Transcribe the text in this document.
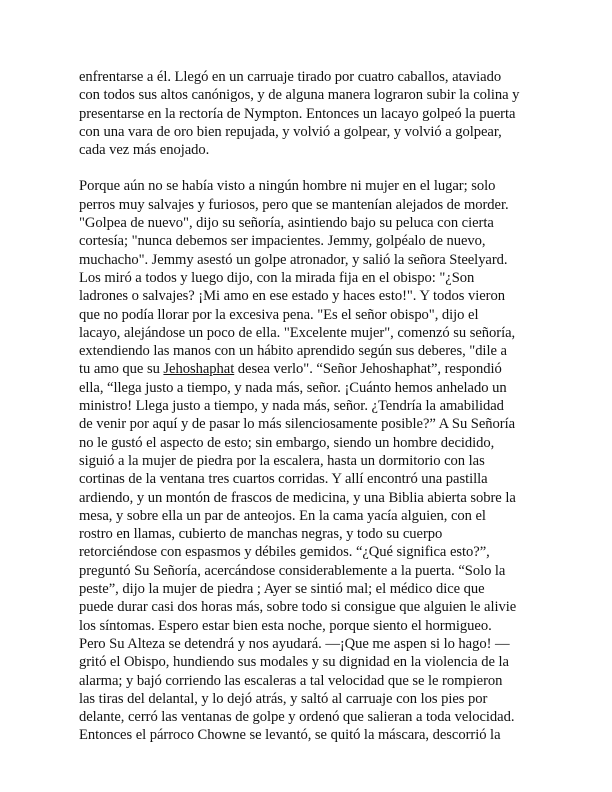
enfrentarse a él. Llegó en un carruaje tirado por cuatro caballos, ataviado
con todos sus altos canónigos, y de alguna manera lograron subir la colina y
presentarse en la rectoría de Nympton. Entonces un lacayo golpeó la puerta
con una vara de oro bien repujada, y volvió a golpear, y volvió a golpear,
cada vez más enojado.
Porque aún no se había visto a ningún hombre ni mujer en el lugar; solo
perros muy salvajes y furiosos, pero que se mantenían alejados de morder.
"Golpea de nuevo", dijo su señoría, asintiendo bajo su peluca con cierta
cortesía; "nunca debemos ser impacientes. Jemmy, golpéalo de nuevo,
muchacho". Jemmy asestó un golpe atronador, y salió la señora Steelyard.
Los miró a todos y luego dijo, con la mirada fija en el obispo: "¿Son
ladrones o salvajes? ¡Mi amo en ese estado y haces esto!". Y todos vieron
que no podía llorar por la excesiva pena. "Es el señor obispo", dijo el
lacayo, alejándose un poco de ella. "Excelente mujer", comenzó su señoría,
extendiendo las manos con un hábito aprendido según sus deberes, "dile a
tu amo que su Jehoshaphat desea verlo". “Señor Jehoshaphat”, respondió
ella, “llega justo a tiempo, y nada más, señor. ¡Cuánto hemos anhelado un
ministro! Llega justo a tiempo, y nada más, señor. ¿Tendría la amabilidad
de venir por aquí y de pasar lo más silenciosamente posible?” A Su Señoría
no le gustó el aspecto de esto; sin embargo, siendo un hombre decidido,
siguió a la mujer de piedra por la escalera, hasta un dormitorio con las
cortinas de la ventana tres cuartos corridas. Y allí encontró una pastilla
ardiendo, y un montón de frascos de medicina, y una Biblia abierta sobre la
mesa, y sobre ella un par de anteojos. En la cama yacía alguien, con el
rostro en llamas, cubierto de manchas negras, y todo su cuerpo
retorciéndose con espasmos y débiles gemidos. “¿Qué significa esto?”,
preguntó Su Señoría, acercándose considerablemente a la puerta. “Solo la
peste”, dijo la mujer de piedra ; Ayer se sintió mal; el médico dice que
puede durar casi dos horas más, sobre todo si consigue que alguien le alivie
los síntomas. Espero estar bien esta noche, porque siento el hormigueo.
Pero Su Alteza se detendrá y nos ayudará. —¡Que me aspen si lo hago! —
gritó el Obispo, hundiendo sus modales y su dignidad en la violencia de la
alarma; y bajó corriendo las escaleras a tal velocidad que se le rompieron
las tiras del delantal, y lo dejó atrás, y saltó al carruaje con los pies por
delante, cerró las ventanas de golpe y ordenó que salieran a toda velocidad.
Entonces el párroco Chowne se levantó, se quitó la máscara, descorrió la
